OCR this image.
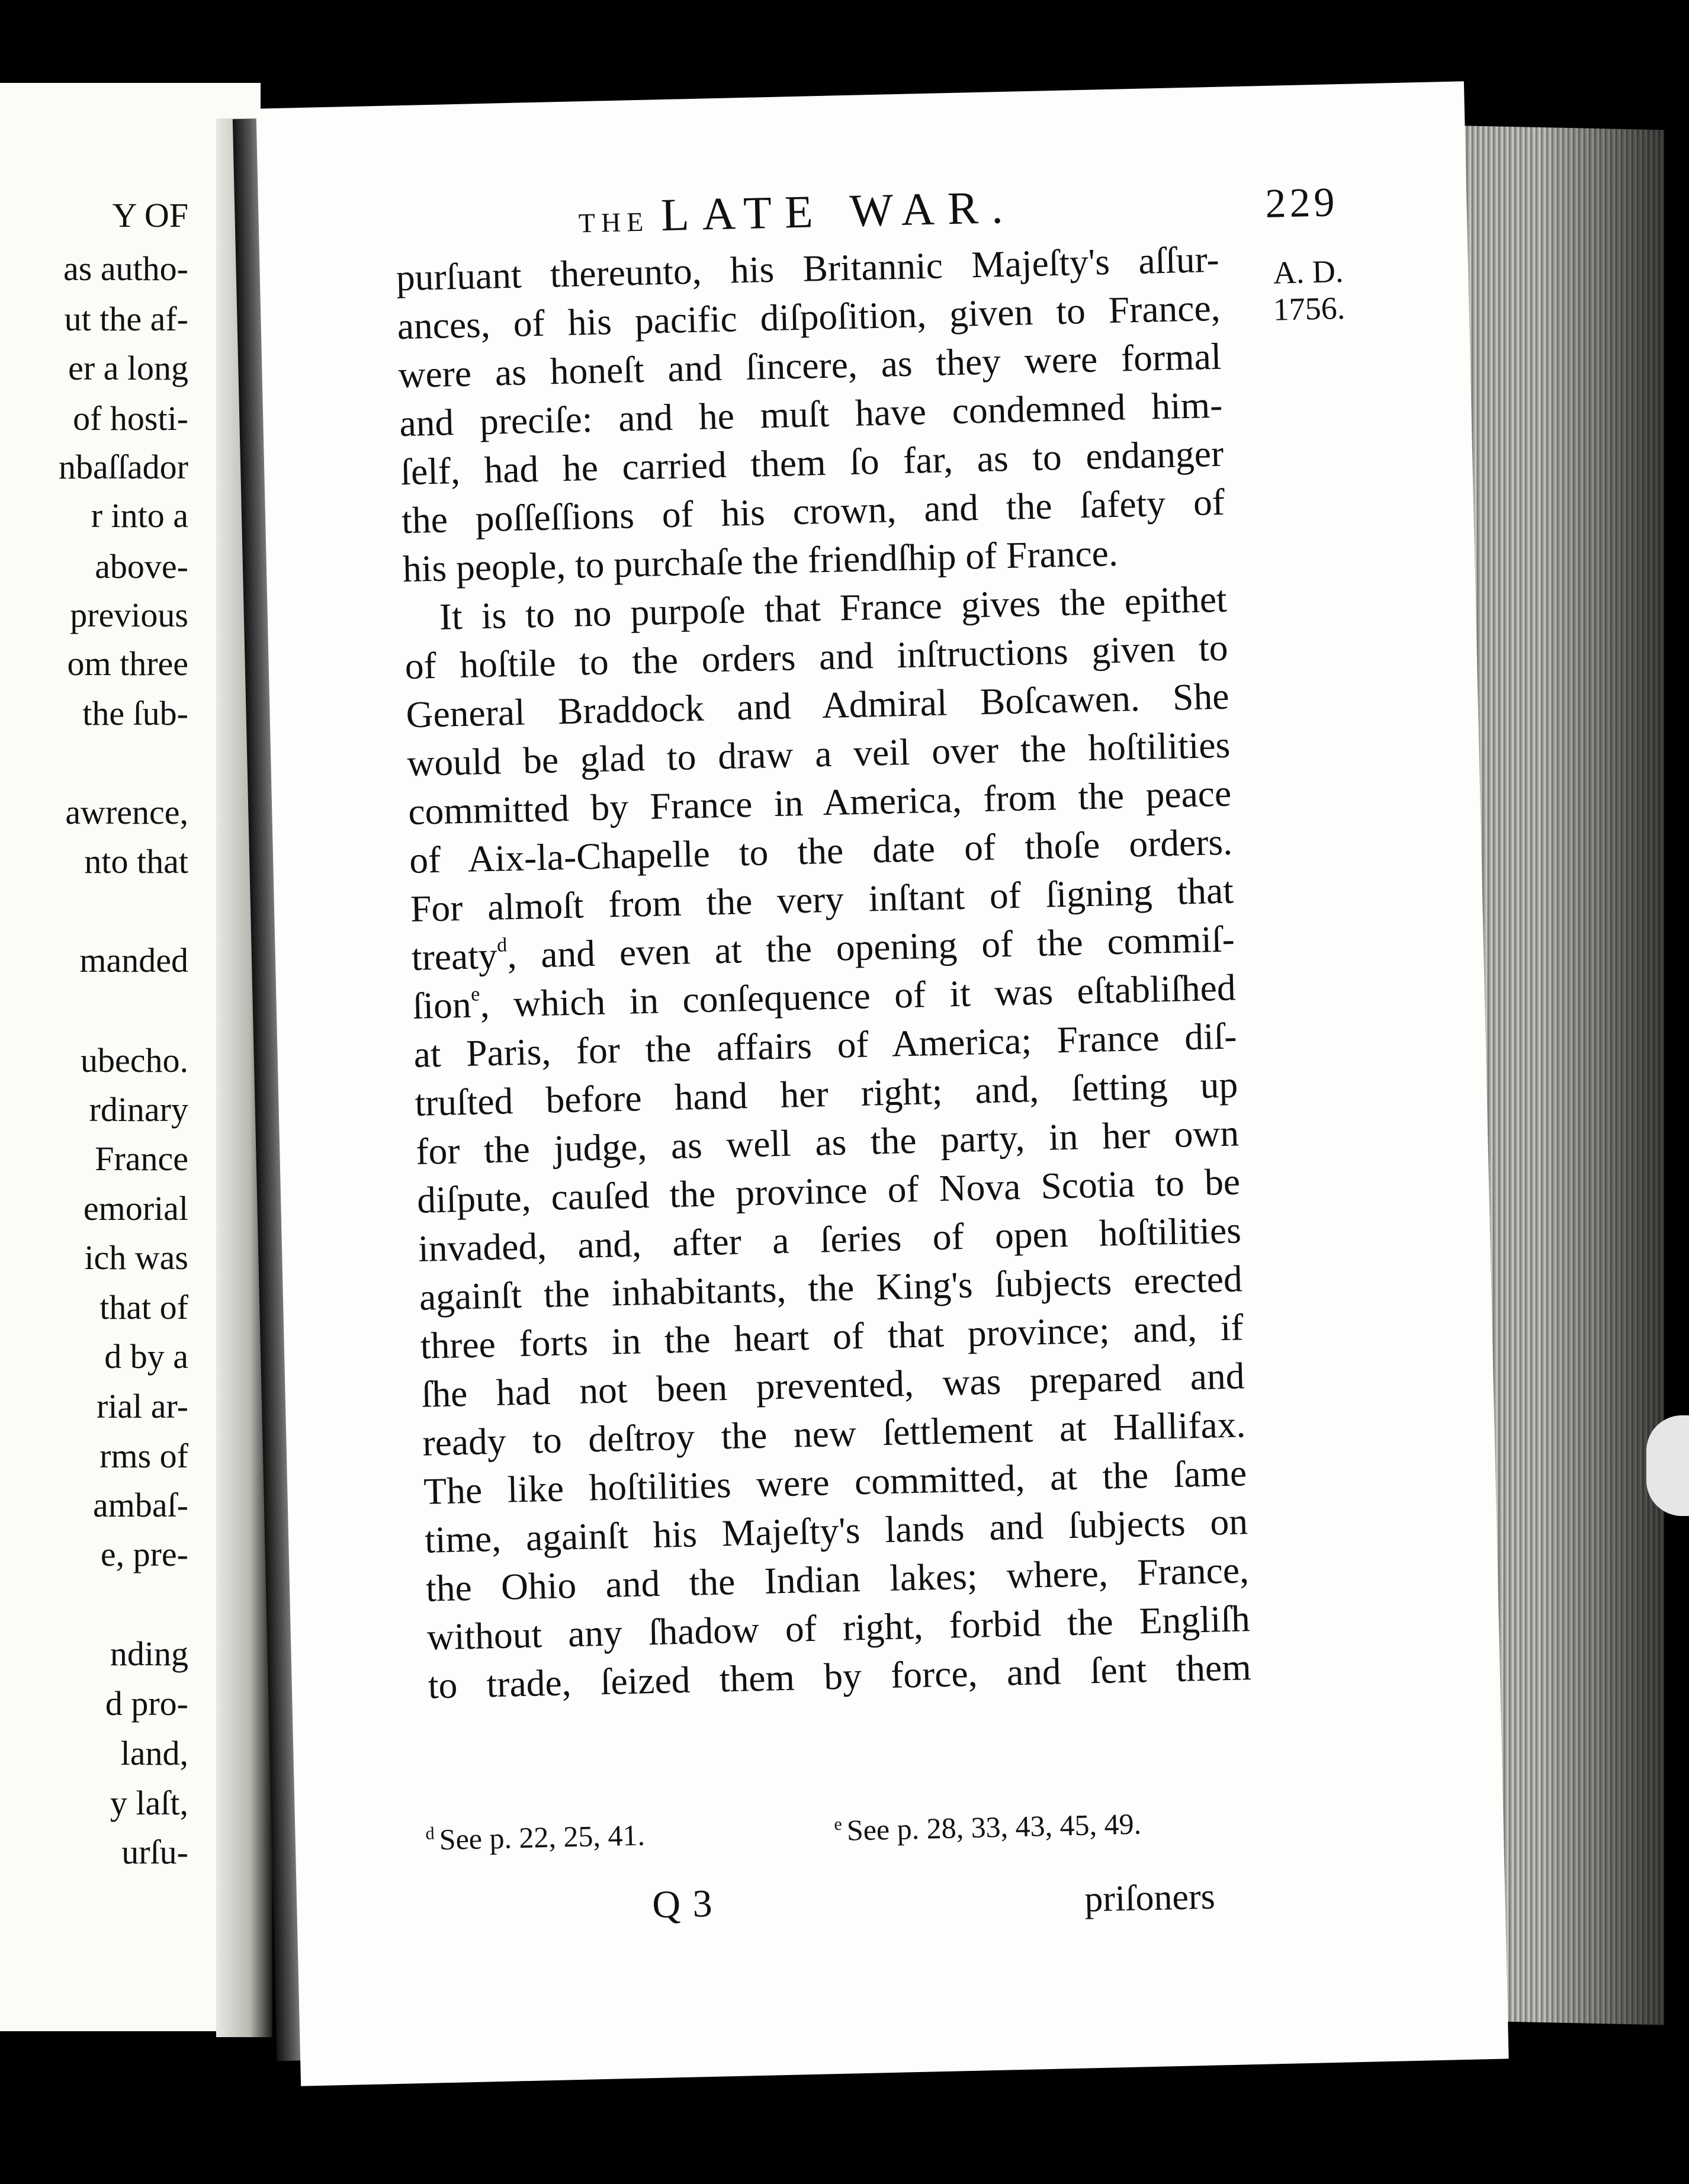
Y OF
as autho-
ut the af-
er a long
of hosti-
nbaſſador
r into a
above-
previous
om three
the ſub-
awrence,
nto that
manded
ubecho.
rdinary
France
emorial
ich was
that of
d by a
rial ar-
rms of
ambaſ-
e, pre-
nding
d pro-
land,
y laſt,
urſu-
THE LATE WAR.	229
A. D.
1756.
purſuant thereunto, his Britannic Majeſty's aſſur-
ances, of his pacific diſpoſition, given to France,
were as honeſt and ſincere, as they were formal
and preciſe: and he muſt have condemned him-
ſelf, had he carried them ſo far, as to endanger
the poſſeſſions of his crown, and the ſafety of
his people, to purchaſe the friendſhip of France.
It is to no purpoſe that France gives the epithet
of hoſtile to the orders and inſtructions given to
General Braddock and Admiral Boſcawen. She
would be glad to draw a veil over the hoſtilities
committed by France in America, from the peace
of Aix-la-Chapelle to the date of thoſe orders.
For almoſt from the very inſtant of ſigning that
treaty$^d$, and even at the opening of the commiſ-
ſion$^e$, which in conſequence of it was eſtabliſhed
at Paris, for the affairs of America; France diſ-
truſted before hand her right; and, ſetting up
for the judge, as well as the party, in her own
diſpute, cauſed the province of Nova Scotia to be
invaded, and, after a ſeries of open hoſtilities
againſt the inhabitants, the King's ſubjects erected
three forts in the heart of that province; and, if
ſhe had not been prevented, was prepared and
ready to deſtroy the new ſettlement at Hallifax.
The like hoſtilities were committed, at the ſame
time, againſt his Majeſty's lands and ſubjects on
the Ohio and the Indian lakes; where, France,
without any ſhadow of right, forbid the Engliſh
to trade, ſeized them by force, and ſent them
$^d$ See p. 22, 25, 41.	$^e$ See p. 28, 33, 43, 45, 49.
Q 3	priſoners
